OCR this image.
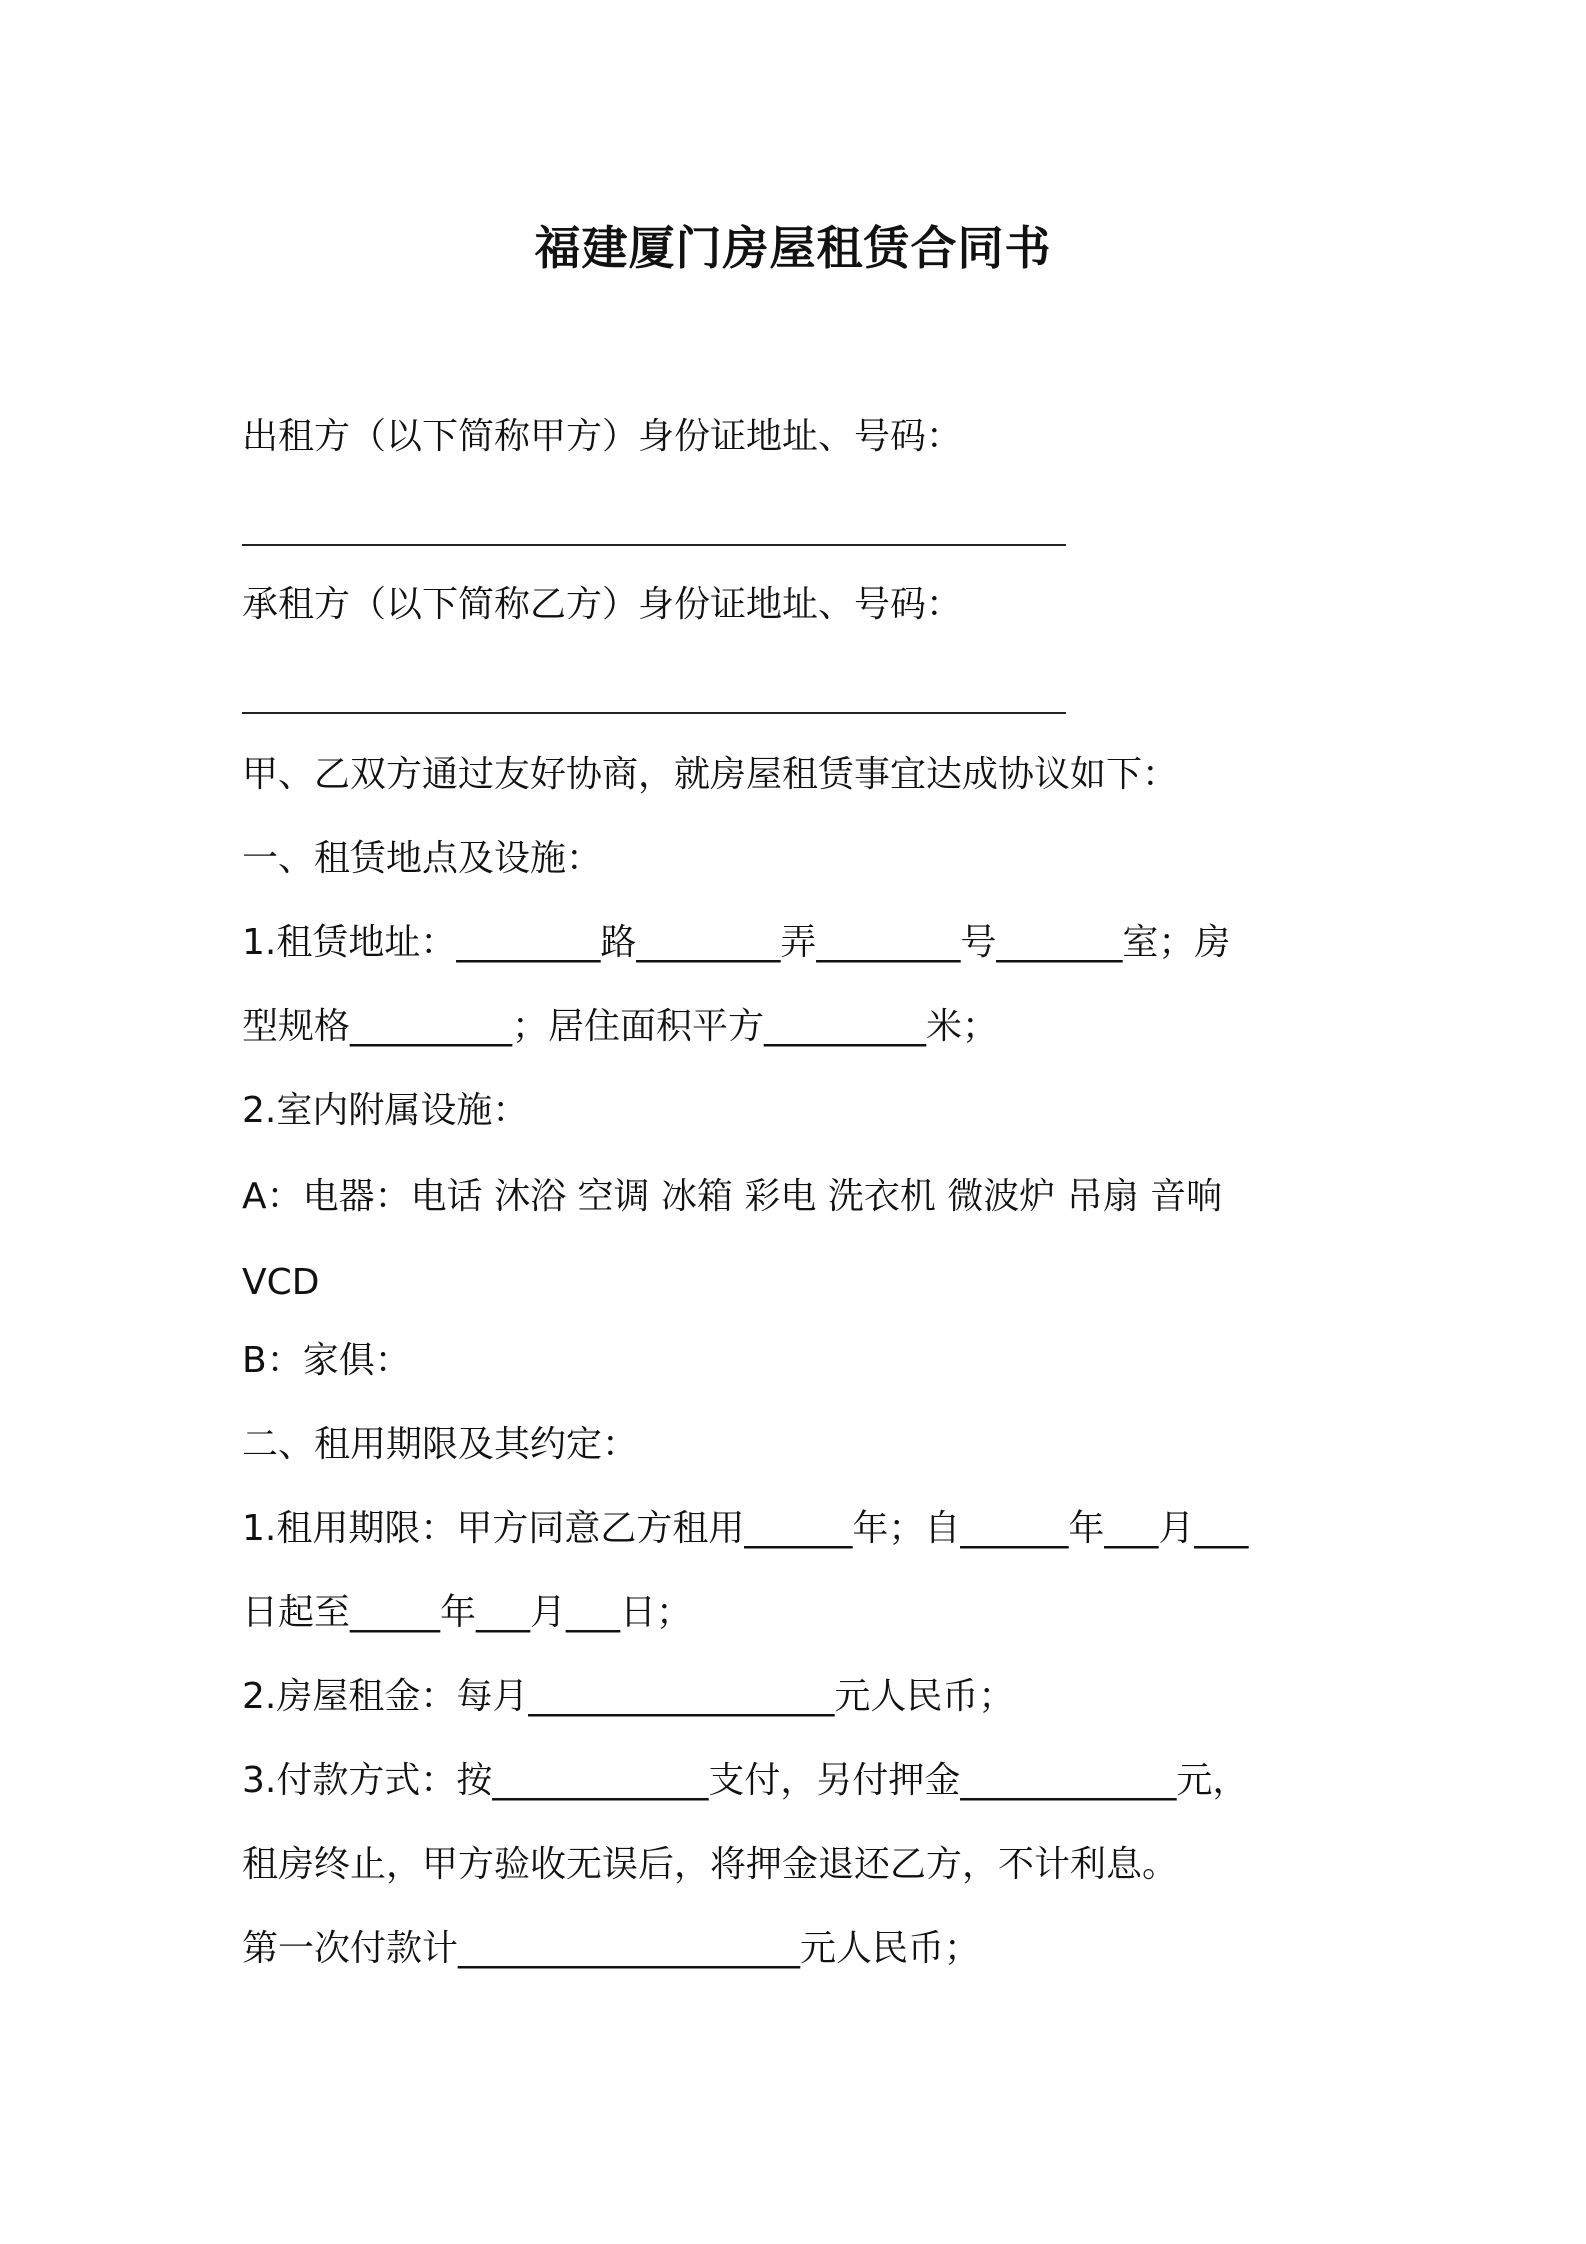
福建厦门房屋租赁合同书
出租方（以下简称甲方）身份证地址、号码：
承租方（以下简称乙方）身份证地址、号码：
甲、乙双方通过友好协商，就房屋租赁事宜达成协议如下：
一、租赁地点及设施：
1.租赁地址：________路________弄________号_______室；房
型规格_________；居住面积平方_________米；
2.室内附属设施：
A：电器：电话 沐浴 空调 冰箱 彩电 洗衣机 微波炉 吊扇 音响
VCD
B：家俱：
二、租用期限及其约定：
1.租用期限：甲方同意乙方租用______年；自______年___月___
日起至_____年___月___日；
2.房屋租金：每月_________________元人民币；
3.付款方式：按____________支付，另付押金____________元，
租房终止，甲方验收无误后，将押金退还乙方，不计利息。
第一次付款计___________________元人民币；
